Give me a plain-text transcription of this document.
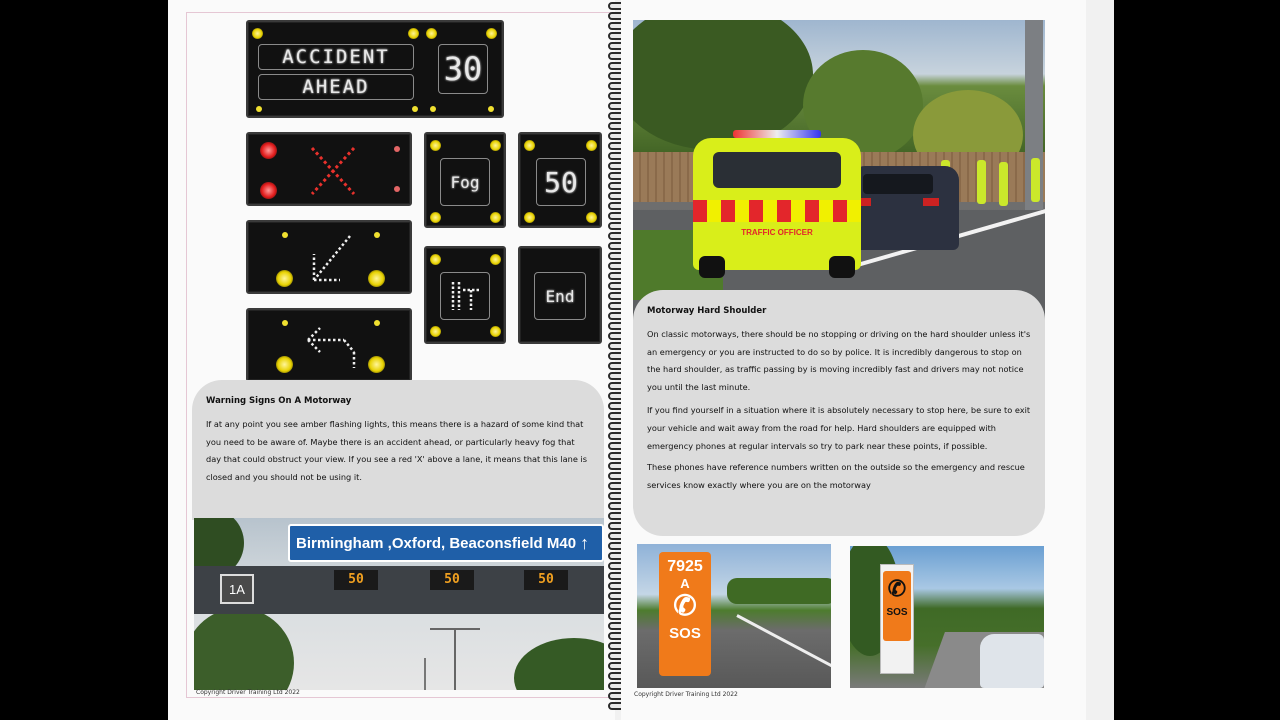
ACCIDENT
AHEAD	30
Fog	50
End
Warning Signs On A Motorway

If at any point you see amber flashing lights, this means there is a hazard of some kind that you need to be aware of. Maybe there is an accident ahead, or particularly heavy fog that day that could obstruct your view. If you see a red 'X' above a lane, it means that this lane is closed and you should not be using it.

Birmingham ,Oxford, Beaconsfield M40 ↑
1A
50	50	50
Copyright Driver Training Ltd 2022
TRAFFIC OFFICER
Motorway Hard Shoulder

On classic motorways, there should be no stopping or driving on the hard shoulder unless it's an emergency or you are instructed to do so by police. It is incredibly dangerous to stop on the hard shoulder, as traffic passing by is moving incredibly fast and drivers may not notice you until the last minute.

If you find yourself in a situation where it is absolutely necessary to stop here, be sure to exit your vehicle and wait away from the road for help. Hard shoulders are equipped with emergency phones at regular intervals so try to park near these points, if possible.

These phones have reference numbers written on the outside so the emergency and rescue services know exactly where you are on the motorway

7925
A
✆
SOS
✆
SOS
Copyright Driver Training Ltd 2022
